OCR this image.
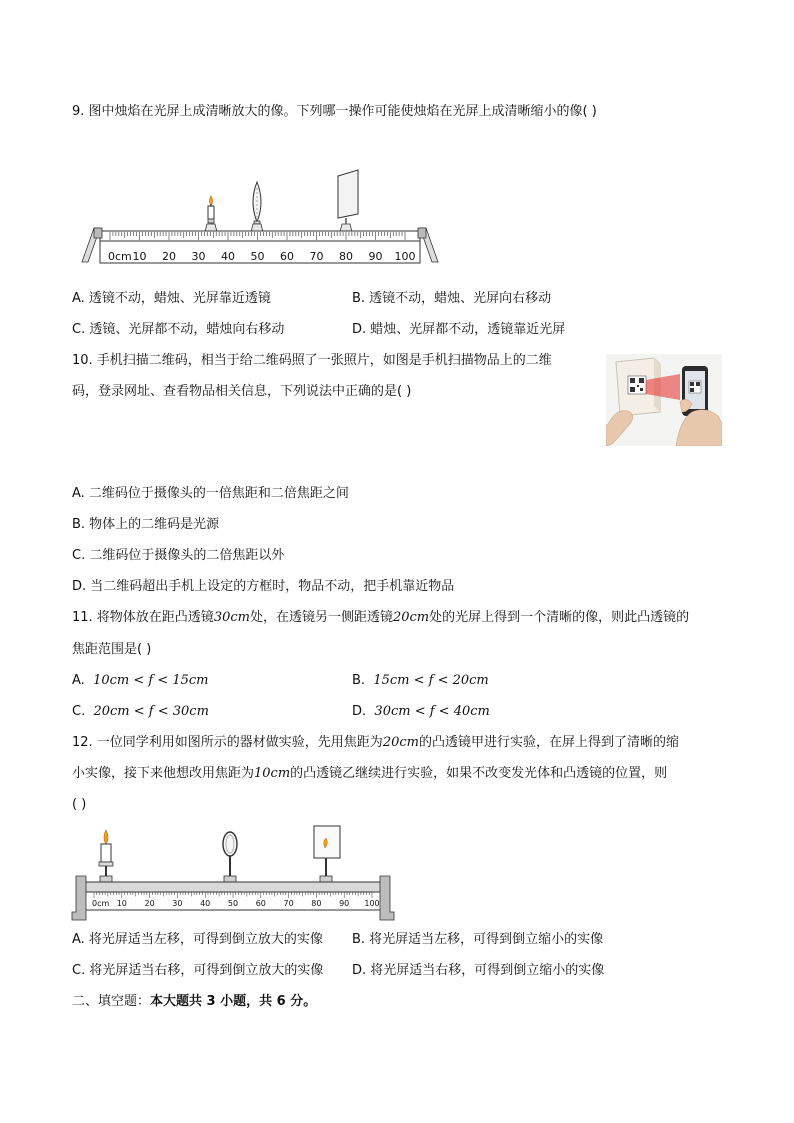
9. 图中烛焰在光屏上成清晰放大的像。下列哪一操作可能使烛焰在光屏上成清晰缩小的像( )
0cm 10 20 30 40 50 60 70 80 90 100
A. 透镜不动，蜡烛、光屏靠近透镜	B. 透镜不动，蜡烛、光屏向右移动
C. 透镜、光屏都不动，蜡烛向右移动	D. 蜡烛、光屏都不动，透镜靠近光屏
10. 手机扫描二维码，相当于给二维码照了一张照片，如图是手机扫描物品上的二维
码，登录网址、查看物品相关信息，下列说法中正确的是( )
A. 二维码位于摄像头的一倍焦距和二倍焦距之间
B. 物体上的二维码是光源
C. 二维码位于摄像头的二倍焦距以外
D. 当二维码超出手机上设定的方框时，物品不动，把手机靠近物品
11. 将物体放在距凸透镜30cm处，在透镜另一侧距透镜20cm处的光屏上得到一个清晰的像，则此凸透镜的
焦距范围是( )
A. 10cm < f < 15cm	B. 15cm < f < 20cm
C. 20cm < f < 30cm	D. 30cm < f < 40cm
12. 一位同学利用如图所示的器材做实验，先用焦距为20cm的凸透镜甲进行实验，在屏上得到了清晰的缩
小实像，接下来他想改用焦距为10cm的凸透镜乙继续进行实验，如果不改变发光体和凸透镜的位置，则
( )
0cm 10 20 30 40 50 60 70 80 90 100
A. 将光屏适当左移，可得到倒立放大的实像 B. 将光屏适当左移，可得到倒立缩小的实像
C. 将光屏适当右移，可得到倒立放大的实像 D. 将光屏适当右移，可得到倒立缩小的实像
二、填空题：本大题共 3 小题，共 6 分。
